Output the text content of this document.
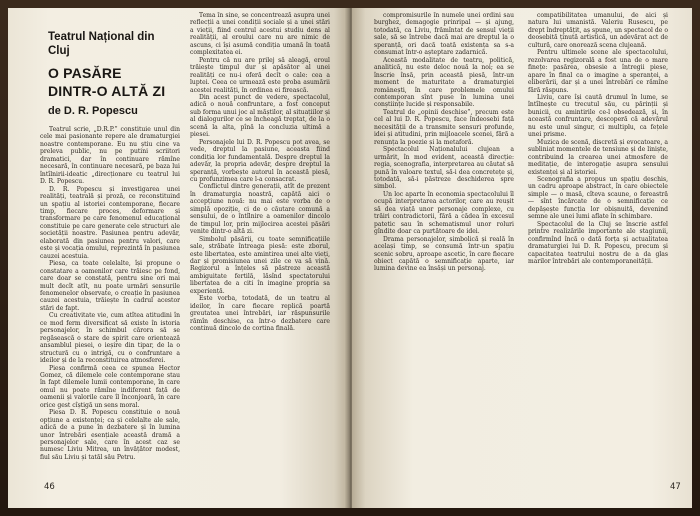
Teatrul Național din Cluj
O PASĂRE DINTR-O ALTĂ ZI
de D. R. Popescu

Teatrul scrie, „D.R.P.” constituie unul din cele mai pasionante repere ale dramaturgiei noastre contemporane. Eu nu știu cine va preleva public, nu pe putini scriitori dramatici, dar în continuare rămîne necesară, în continuare necesară, pe baza lui întîlnirii-ideatic „direcționare cu teatrul lui D. R. Popescu.

D. R. Popescu și investigarea unei realități, teatrală și proză, ce reconstituind un spațiu al istoriei contemporane, fiecare timp, fiecare proces, deformare și transformare pe care fenomenul educațional constituie pe care generate cele structuri ale societății noastre. Pasiunea pentru adevăr, elaborată din pasiunea pentru valori, care este și vocația omului, reprezintă în pasiunea cauzei acestuia.

Piesa, ca toate celelalte, își propune o constatare a oamenilor care trăiesc pe fond, care doar se constată, pentru sine ori mai mult decît atît, nu poate urmări sensurile fenomenelor observate, o creație în pasiunea cauzei acestuia, trăiește în cadrul acestor stări de fapt.

Cu creativitate vie, cum atîtea atitudini în ce mod ferm diversificat să existe în istoria personajelor, în schimbul cărora să se regăsească o stare de spirit care orientează ansamblul piesei, o ieșire din tipar, de la o structură cu o intrigă, cu o confruntare a ideilor și de la reconstituirea atmosferei.

Piesa confirmă ceea ce spunea Hector Gomez, că dilemele cele contemporane stau în fapt dilemele lumii contemporane, în care omul nu poate rămîne indiferent față de oamenii și valorile care îl înconjoară, în care orice gest cîștigă un sens moral.

Piesa D. R. Popescu constituie o nouă opțiune a existenței; ca și celelalte ale sale, adică de a pune în dezbatere și în lumina unor întrebări esențiale această dramă a personajelor sale, care în acest caz se numesc Liviu Mitrea, un învățător modest, fiul său Liviu și tatăl său Petru.

Tema în sine, se concentrează asupra unei reflecții a unei condiții sociale și a unei stări a vieții, fiind centrul acestui studiu dens al realității, al eroului care nu are nimic de ascuns, ci își asumă condiția umană în toată complexitatea ei.

Pentru că nu are prilej să aleagă, eroul trăiește timpul dur și apăsător al unei realități ce nu-i oferă decît o cale: cea a luptei. Ceea ce urmează este proba asumării acestei realități, în ordinea ei firească.

Din acest punct de vedere, spectacolul, adică o nouă confruntare, a fost conceput sub forma unui joc al măștilor, al situațiilor și al dialogurilor ce se încheagă treptat, de la o scenă la alta, pînă la concluzia ultimă a piesei.

Personajele lui D. R. Popescu pot avea, se vede, dreptul la pasiune, aceasta fiind condiția lor fundamentală. Despre dreptul la adevăr, la propria adevăr, despre dreptul la speranță, vorbește autorul în această piesă, cu profunzimea care l-a consacrat.

Conflictul dintre generații, atît de prezent în dramaturgia noastră, capătă aici o accepțiune nouă: nu mai este vorba de o simplă opoziție, ci de o căutare comună a sensului, de o întîlnire a oamenilor dincolo de timpul lor, prin mijlocirea acestei păsări venite dintr-o altă zi.

Simbolul păsării, cu toate semnificațiile sale, străbate întreaga piesă: este zborul, este libertatea, este amintirea unei alte vieți, dar și promisiunea unei zile ce va să vină. Regizorul a înțeles să păstreze această ambiguitate fertilă, lăsînd spectatorului libertatea de a citi în imagine propria sa experiență.

Este vorba, totodată, de un teatru al ideilor, în care fiecare replică poartă greutatea unei întrebări, iar răspunsurile rămîn deschise, ca într-o dezbatere care continuă dincolo de cortina finală.

46

compromisurile în numele unei ordini sau burghez, demagogie prinripal — și ajung, totodată, ca Liviu, frămîntat de sensul vieții sale, să se întrebe dacă mai are dreptul la o speranță, ori dacă toată existența sa s-a consumat într-o așteptare zadarnică.

Această modalitate de teatru, politică, analitică, nu este deloc nouă la noi; ea se înscrie însă, prin această piesă, într-un moment de maturitate a dramaturgiei românești, în care problemele omului contemporan sînt puse în lumina unei conștiințe lucide și responsabile.

Teatrul de „opinii deschise”, precum este cel al lui D. R. Popescu, face îndeosebi față necesității de a transmite sensuri profunde, idei și atitudini, prin mijloacele scenei, fără a renunța la poezie și la metaforă.

Spectacolul Naționalului clujean a urmărit, în mod evident, această direcție: regia, scenografia, interpretarea au căutat să pună în valoare textul, să-i dea concretețe și, totodată, să-i păstreze deschiderea spre simbol.

Un loc aparte în economia spectacolului îl ocupă interpretarea actorilor, care au reușit să dea viață unor personaje complexe, cu trăiri contradictorii, fără a cădea în excesul patetic sau în schematismul unor roluri gîndite doar ca purtătoare de idei.

Drama personajelor, simbolică și reală în același timp, se consumă într-un spațiu scenic sobru, aproape ascetic, în care fiecare obiect capătă o semnificație aparte, iar lumina devine ea însăși un personaj.

compatibilitatea umanului, de aici și natura lui umanistă. Valeriu Rusescu, pe drept îndreptățit, aș spune, un spectacol de o deosebită ținută artistică, un adevărat act de cultură, care onorează scena clujeană.

Pentru ultimele scene ale spectacolului, rezolvarea regizorală a fost una de o mare finețe: pasărea, obsesie a întregii piese, apare în final ca o imagine a speranței, a eliberării, dar și a unei întrebări ce rămîne fără răspuns.

Liviu, care își caută drumul în lume, se întîlnește cu trecutul său, cu părinții și bunicii, cu amintirile ce-l obsedează, și, în această confruntare, descoperă că adevărul nu este unul singur, ci multiplu, ca fețele unei prisme.

Muzica de scenă, discretă și evocatoare, a subliniat momentele de tensiune și de liniște, contribuind la crearea unei atmosfere de meditație, de interogație asupra sensului existenței și al istoriei.

Scenografia a propus un spațiu deschis, un cadru aproape abstract, în care obiectele simple — o masă, cîteva scaune, o fereastră — sînt încărcate de o semnificație ce depășește funcția lor obișnuită, devenind semne ale unei lumi aflate în schimbare.

Spectacolul de la Cluj se înscrie astfel printre realizările importante ale stagiunii, confirmînd încă o dată forța și actualitatea dramaturgiei lui D. R. Popescu, precum și capacitatea teatrului nostru de a da glas marilor întrebări ale contemporaneității.

47
